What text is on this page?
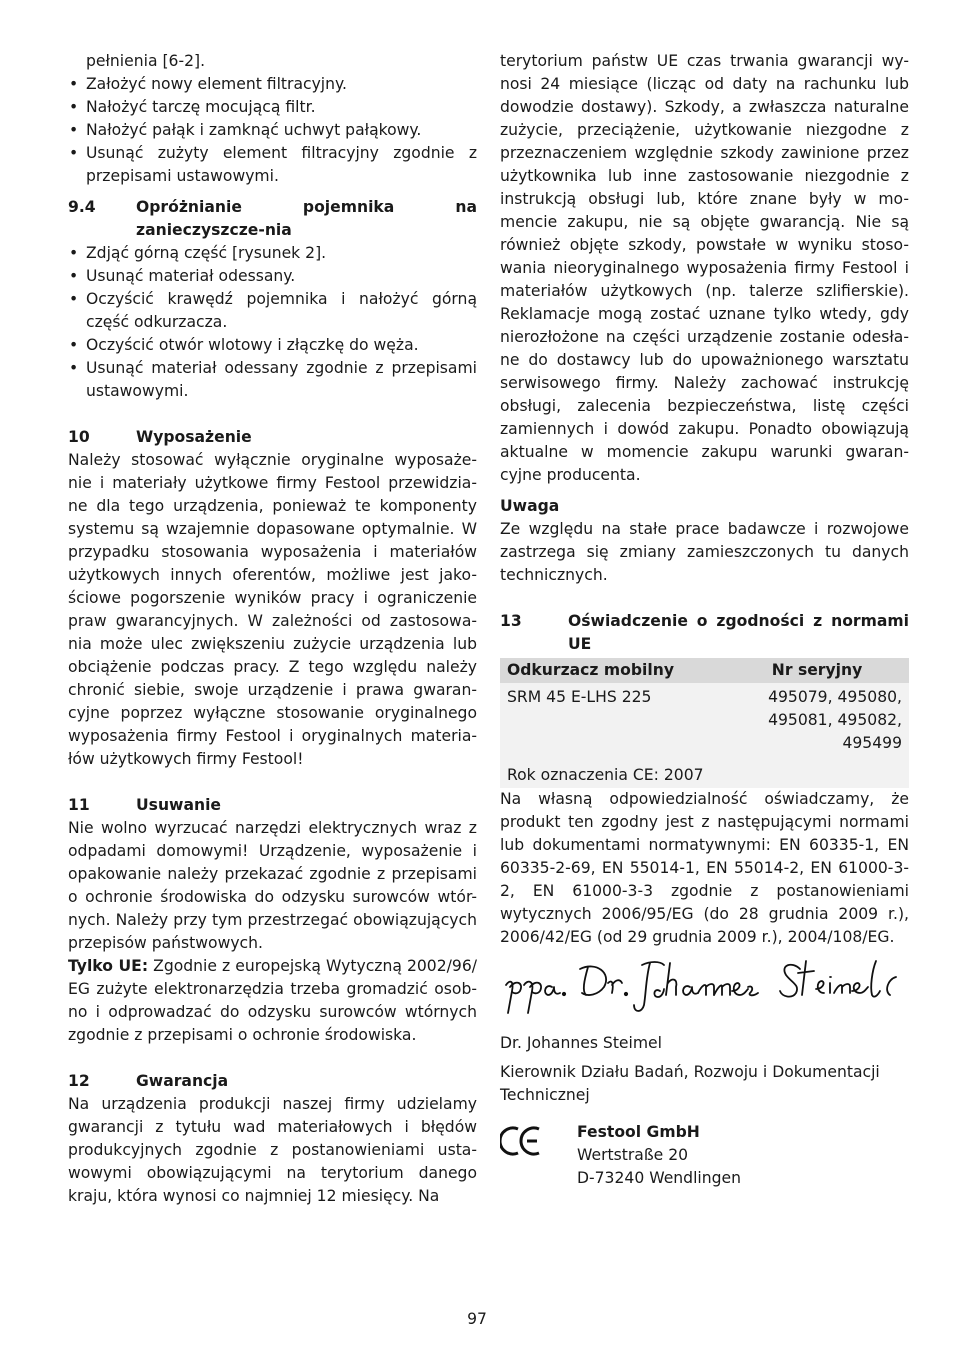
pełnienia [6-2].

• Założyć nowy element filtracyjny.
• Nałożyć tarczę mocującą filtr.
• Nałożyć pałąk i zamknąć uchwyt pałąkowy.
• Usunąć zużyty element filtracyjny zgodnie z przepisami ustawowymi.
9.4	Opróżnianie pojemnika na zanieczyszcze-nia
• Zdjąć górną część [rysunek 2].
• Usunąć materiał odessany.
• Oczyścić krawędź pojemnika i nałożyć górną część odkurzacza.
• Oczyścić otwór wlotowy i złączkę do węża.
• Usunąć materiał odessany zgodnie z przepisami ustawowymi.
10	Wyposażenie

Należy stosować wyłącznie oryginalne wyposaże-nie i materiały użytkowe firmy Festool przewidzia-ne dla tego urządzenia, ponieważ te komponenty systemu są wzajemnie dopasowane optymalnie. W przypadku stosowania wyposażenia i materiałów użytkowych innych oferentów, możliwe jest jako-ściowe pogorszenie wyników pracy i ograniczenie praw gwarancyjnych. W zależności od zastosowa-nia może ulec zwiększeniu zużycie urządzenia lub obciążenie podczas pracy. Z tego względu należy chronić siebie, swoje urządzenie i prawa gwaran-cyjne poprzez wyłączne stosowanie oryginalnego wyposażenia firmy Festool i oryginalnych materia-łów użytkowych firmy Festool!

11	Usuwanie

Nie wolno wyrzucać narzędzi elektrycznych wraz z odpadami domowymi! Urządzenie, wyposażenie i opakowanie należy przekazać zgodnie z przepisami o ochronie środowiska do odzysku surowców wtór-nych. Należy przy tym przestrzegać obowiązujących przepisów państwowych.

Tylko UE: Zgodnie z europejską Wytyczną 2002/96/ EG zużyte elektronarzędzia trzeba gromadzić osob-no i odprowadzać do odzysku surowców wtórnych zgodnie z przepisami o ochronie środowiska.

12	Gwarancja

Na urządzenia produkcji naszej firmy udzielamy gwarancji z tytułu wad materiałowych i błędów produkcyjnych zgodnie z postanowieniami usta-wowymi obowiązującymi na terytorium danego kraju, która wynosi co najmniej 12 miesięcy. Na

terytorium państw UE czas trwania gwarancji wy-nosi 24 miesiące (licząc od daty na rachunku lub dowodzie dostawy). Szkody, a zwłaszcza naturalne zużycie, przeciążenie, użytkowanie niezgodne z przeznaczeniem względnie szkody zawinione przez użytkownika lub inne zastosowanie niezgodnie z instrukcją obsługi lub, które znane były w mo-mencie zakupu, nie są objęte gwarancją. Nie są również objęte szkody, powstałe w wyniku stoso-wania nieoryginalnego wyposażenia firmy Festool i materiałów użytkowych (np. talerze szlifierskie). Reklamacje mogą zostać uznane tylko wtedy, gdy nierozłożone na części urządzenie zostanie odesła-ne do dostawcy lub do upoważnionego warsztatu serwisowego firmy. Należy zachować instrukcję obsługi, zalecenia bezpieczeństwa, listę części zamiennych i dowód zakupu. Ponadto obowiązują aktualne w momencie zakupu warunki gwaran-cyjne producenta.

Uwaga

Ze względu na stałe prace badawcze i rozwojowe zastrzega się zmiany zamieszczonych tu danych technicznych.

13	Oświadczenie o zgodności z normami UE
Odkurzacz mobilny	Nr seryjny
SRM 45 E-LHS 225	495079, 495080,
495081, 495082,
495499

Rok oznaczenia CE: 2007

Na własną odpowiedzialność oświadczamy, że produkt ten zgodny jest z następującymi normami lub dokumentami normatywnymi: EN 60335-1, EN 60335-2-69, EN 55014-1, EN 55014-2, EN 61000-3-2, EN 61000-3-3 zgodnie z postanowieniami wytycznych 2006/95/EG (do 28 grudnia 2009 r.), 2006/42/EG (od 29 grudnia 2009 r.), 2004/108/EG.

Dr. Johannes Steimel

Kierownik Działu Badań, Rozwoju i Dokumentacji Technicznej

Festool GmbH
Wertstraße 20
D-73240 Wendlingen
97
